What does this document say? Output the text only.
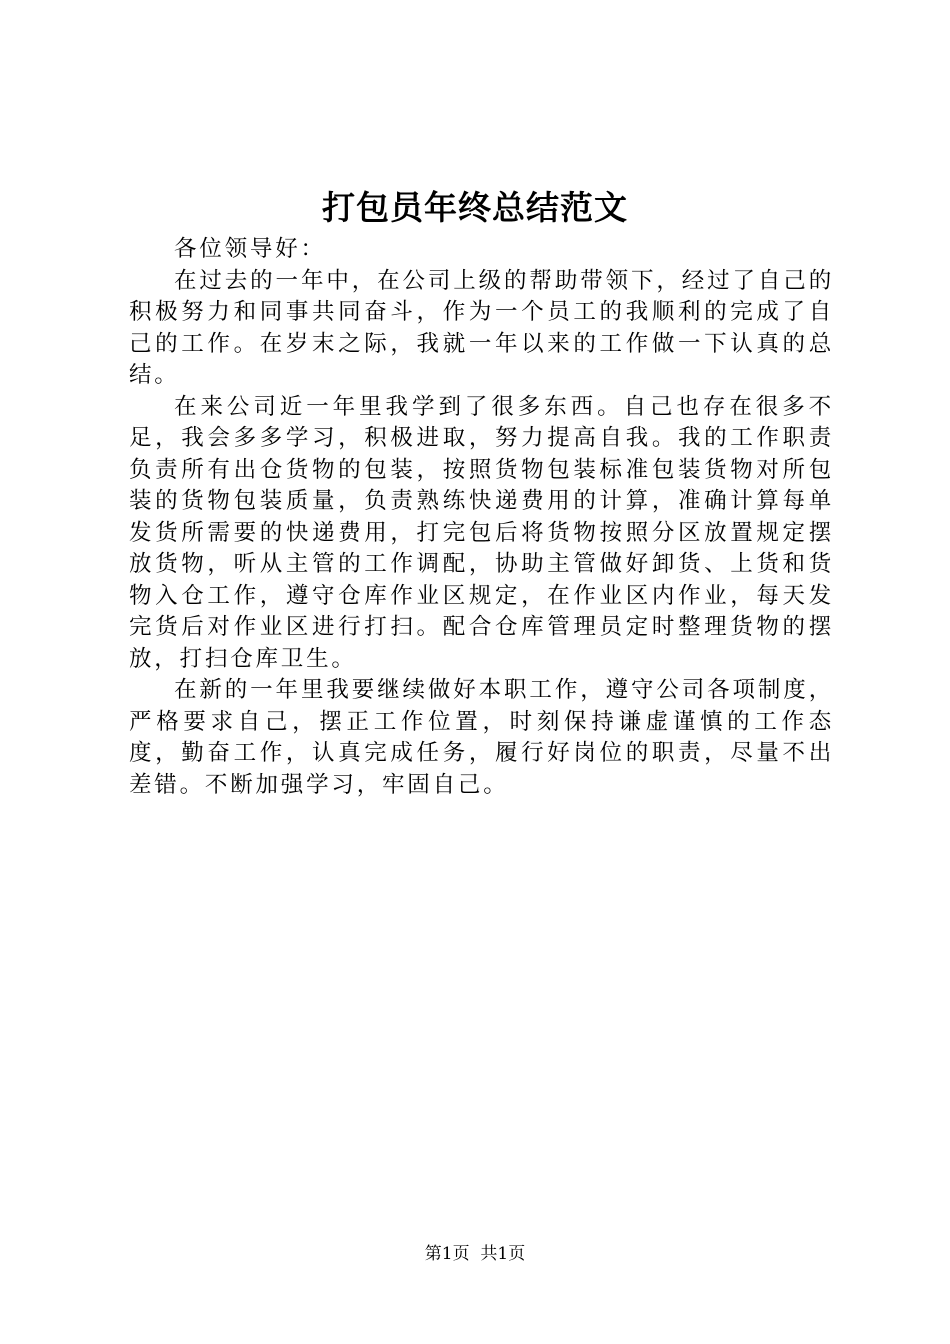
打包员年终总结范文

各位领导好：

在过去的一年中，在公司上级的帮助带领下，经过了自己的积极努力和同事共同奋斗，作为一个员工的我顺利的完成了自己的工作。在岁末之际，我就一年以来的工作做一下认真的总结。

在来公司近一年里我学到了很多东西。自己也存在很多不足，我会多多学习，积极进取，努力提高自我。我的工作职责负责所有出仓货物的包装，按照货物包装标准包装货物对所包装的货物包装质量，负责熟练快递费用的计算，准确计算每单发货所需要的快递费用，打完包后将货物按照分区放置规定摆放货物，听从主管的工作调配，协助主管做好卸货、上货和货物入仓工作，遵守仓库作业区规定，在作业区内作业，每天发完货后对作业区进行打扫。配合仓库管理员定时整理货物的摆放，打扫仓库卫生。

在新的一年里我要继续做好本职工作，遵守公司各项制度，严格要求自己，摆正工作位置，时刻保持谦虚谨慎的工作态度，勤奋工作，认真完成任务，履行好岗位的职责，尽量不出差错。不断加强学习，牢固自己。

第1页 共1页
